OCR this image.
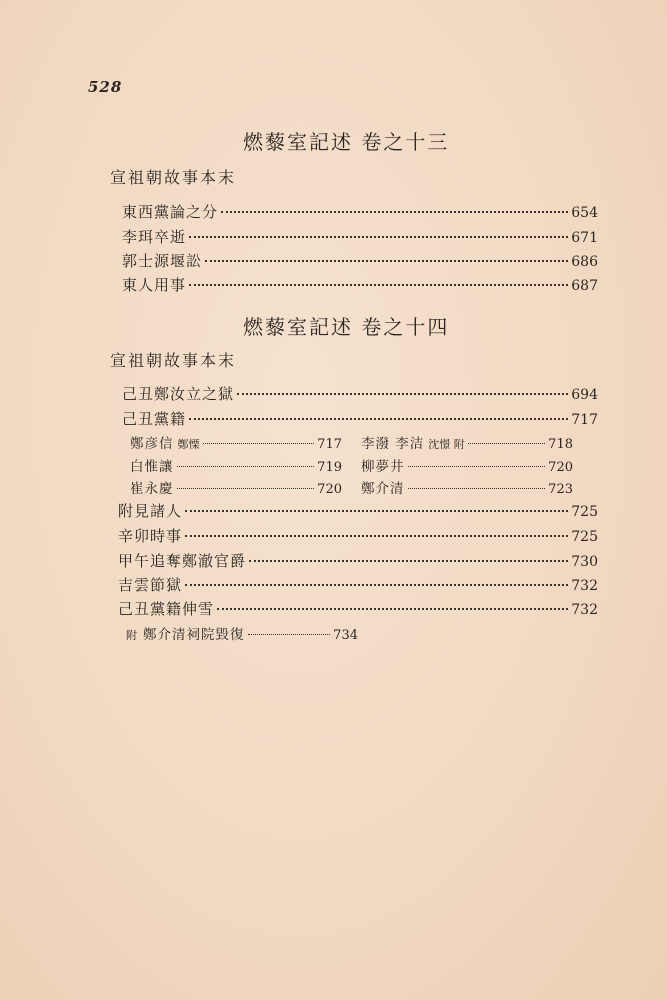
528
燃藜室記述 卷之十三
宣祖朝故事本末
東西黨論之分	654
李珥卒逝	671
郭士源堰訟	686
東人用事	687
燃藜室記述 卷之十四
宣祖朝故事本末
己丑鄭汝立之獄	694
己丑黨籍	717
鄭彦信 鄭慄	717 李潑 李洁 沈憬 附	718
白惟讓	719 柳夢井	720
崔永慶	720 鄭介清	723
附見諸人	725
辛卯時事	725
甲午追奪鄭澈官爵	730
吉雲節獄	732
己丑黨籍伸雪	732
附 鄭介清祠院毀復	734
